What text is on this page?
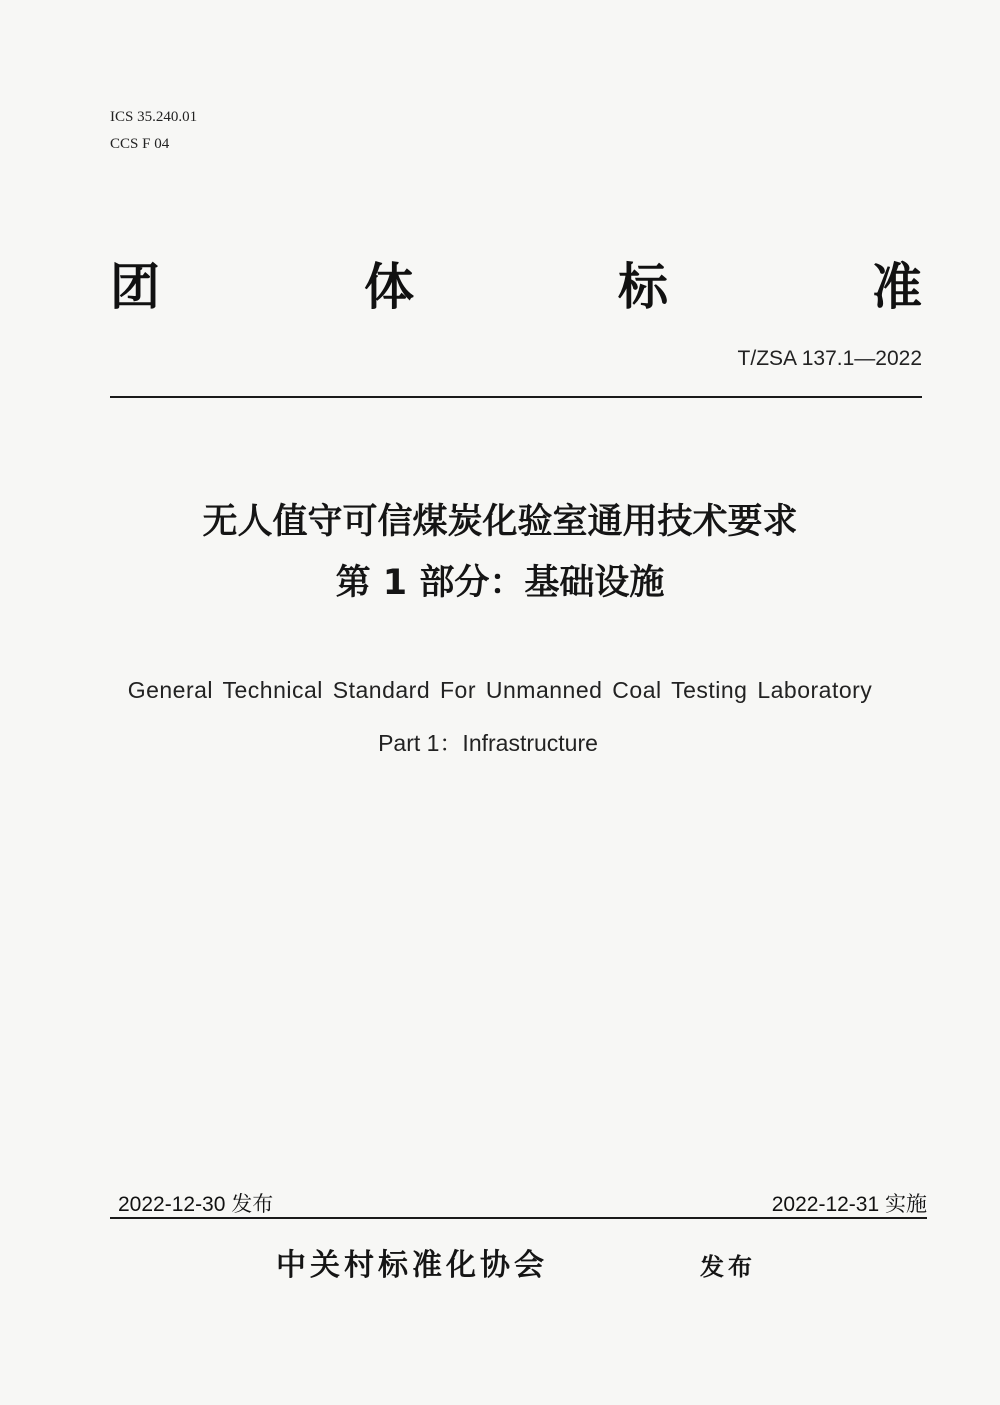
ICS 35.240.01
CCS F 04
团	体	标	准
T/ZSA 137.1—2022
无人值守可信煤炭化验室通用技术要求
第 1 部分：基础设施
General Technical Standard For Unmanned Coal Testing Laboratory
Part 1：Infrastructure
2022-12-30 发布	2022-12-31 实施
中关村标准化协会	发布
